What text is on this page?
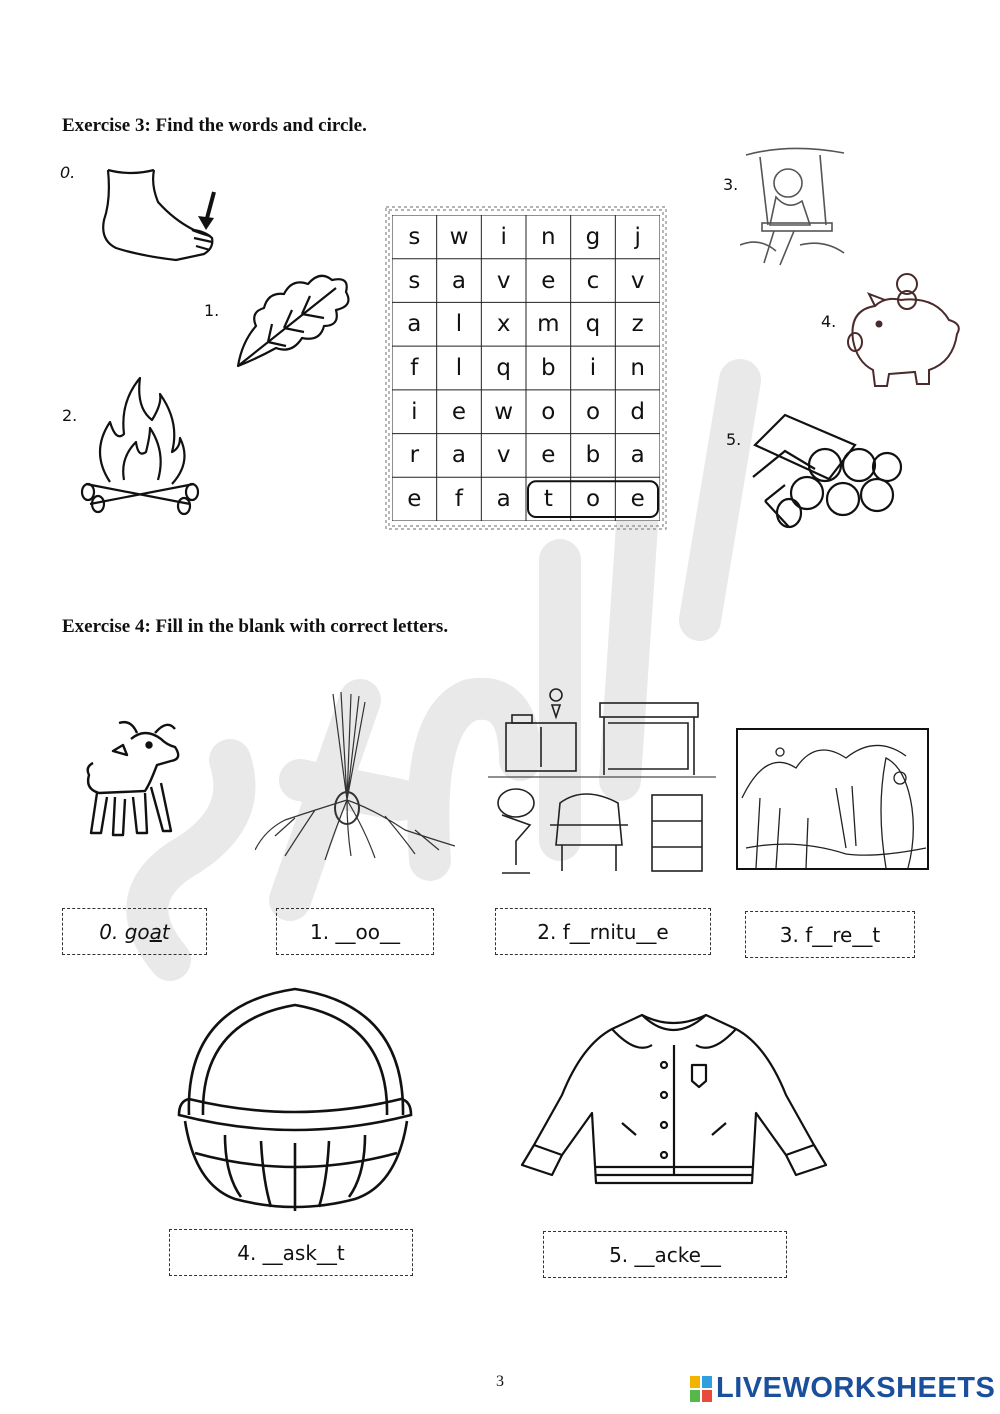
Exercise 3: Find the words and circle.
0.
1.
2.
3.
4.
5.
s	w	i	n	g	j
s	a	v	e	c	v
a	l	x	m	q	z
f	l	q	b	i	n
i	e	w	o	o	d
r	a	v	e	b	a
e	f	a	t	o	e
Exercise 4: Fill in the blank with correct letters.
0. go a t	1. __oo__	2. f__rnitu__e	3. f__re__t
4. __ask__t	5. __acke__
3	LIVEWORKSHEETS
